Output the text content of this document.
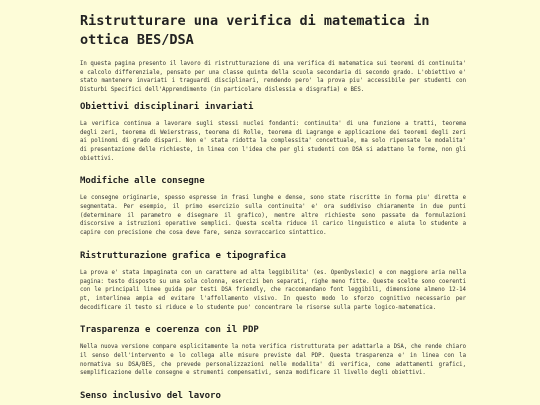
Ristrutturare una verifica di matematica in ottica BES/DSA

In questa pagina presento il lavoro di ristrutturazione di una verifica di matematica sui teoremi di continuita' e calcolo differenziale, pensato per una classe quinta della scuola secondaria di secondo grado. L'obiettivo e' stato mantenere invariati i traguardi disciplinari, rendendo pero' la prova piu' accessibile per studenti con Disturbi Specifici dell'Apprendimento (in particolare dislessia e disgrafia) e BES.

Obiettivi disciplinari invariati

La verifica continua a lavorare sugli stessi nuclei fondanti: continuita' di una funzione a tratti, teorema degli zeri, teorema di Weierstrass, teorema di Rolle, teorema di Lagrange e applicazione dei teoremi degli zeri ai polinomi di grado dispari. Non e' stata ridotta la complessita' concettuale, ma solo ripensate le modalita' di presentazione delle richieste, in linea con l'idea che per gli studenti con DSA si adattano le forme, non gli obiettivi.

Modifiche alle consegne

Le consegne originarie, spesso espresse in frasi lunghe e dense, sono state riscritte in forma piu' diretta e segmentata. Per esempio, il primo esercizio sulla continuita' e' ora suddiviso chiaramente in due punti (determinare il parametro e disegnare il grafico), mentre altre richieste sono passate da formulazioni discorsive a istruzioni operative semplici. Questa scelta riduce il carico linguistico e aiuta lo studente a capire con precisione che cosa deve fare, senza sovraccarico sintattico.

Ristrutturazione grafica e tipografica

La prova e' stata impaginata con un carattere ad alta leggibilita' (es. OpenDyslexic) e con maggiore aria nella pagina: testo disposto su una sola colonna, esercizi ben separati, righe meno fitte. Queste scelte sono coerenti con le principali linee guida per testi DSA friendly, che raccomandano font leggibili, dimensione almeno 12-14 pt, interlinea ampia ed evitare l'affollamento visivo. In questo modo lo sforzo cognitivo necessario per decodificare il testo si riduce e lo studente puo' concentrare le risorse sulla parte logico-matematica.

Trasparenza e coerenza con il PDP

Nella nuova versione compare esplicitamente la nota verifica ristrutturata per adattarla a DSA, che rende chiaro il senso dell'intervento e lo collega alle misure previste dal PDP. Questa trasparenza e' in linea con la normativa su DSA/BES, che prevede personalizzazioni nelle modalita' di verifica, come adattamenti grafici, semplificazione delle consegne e strumenti compensativi, senza modificare il livello degli obiettivi.

Senso inclusivo del lavoro
